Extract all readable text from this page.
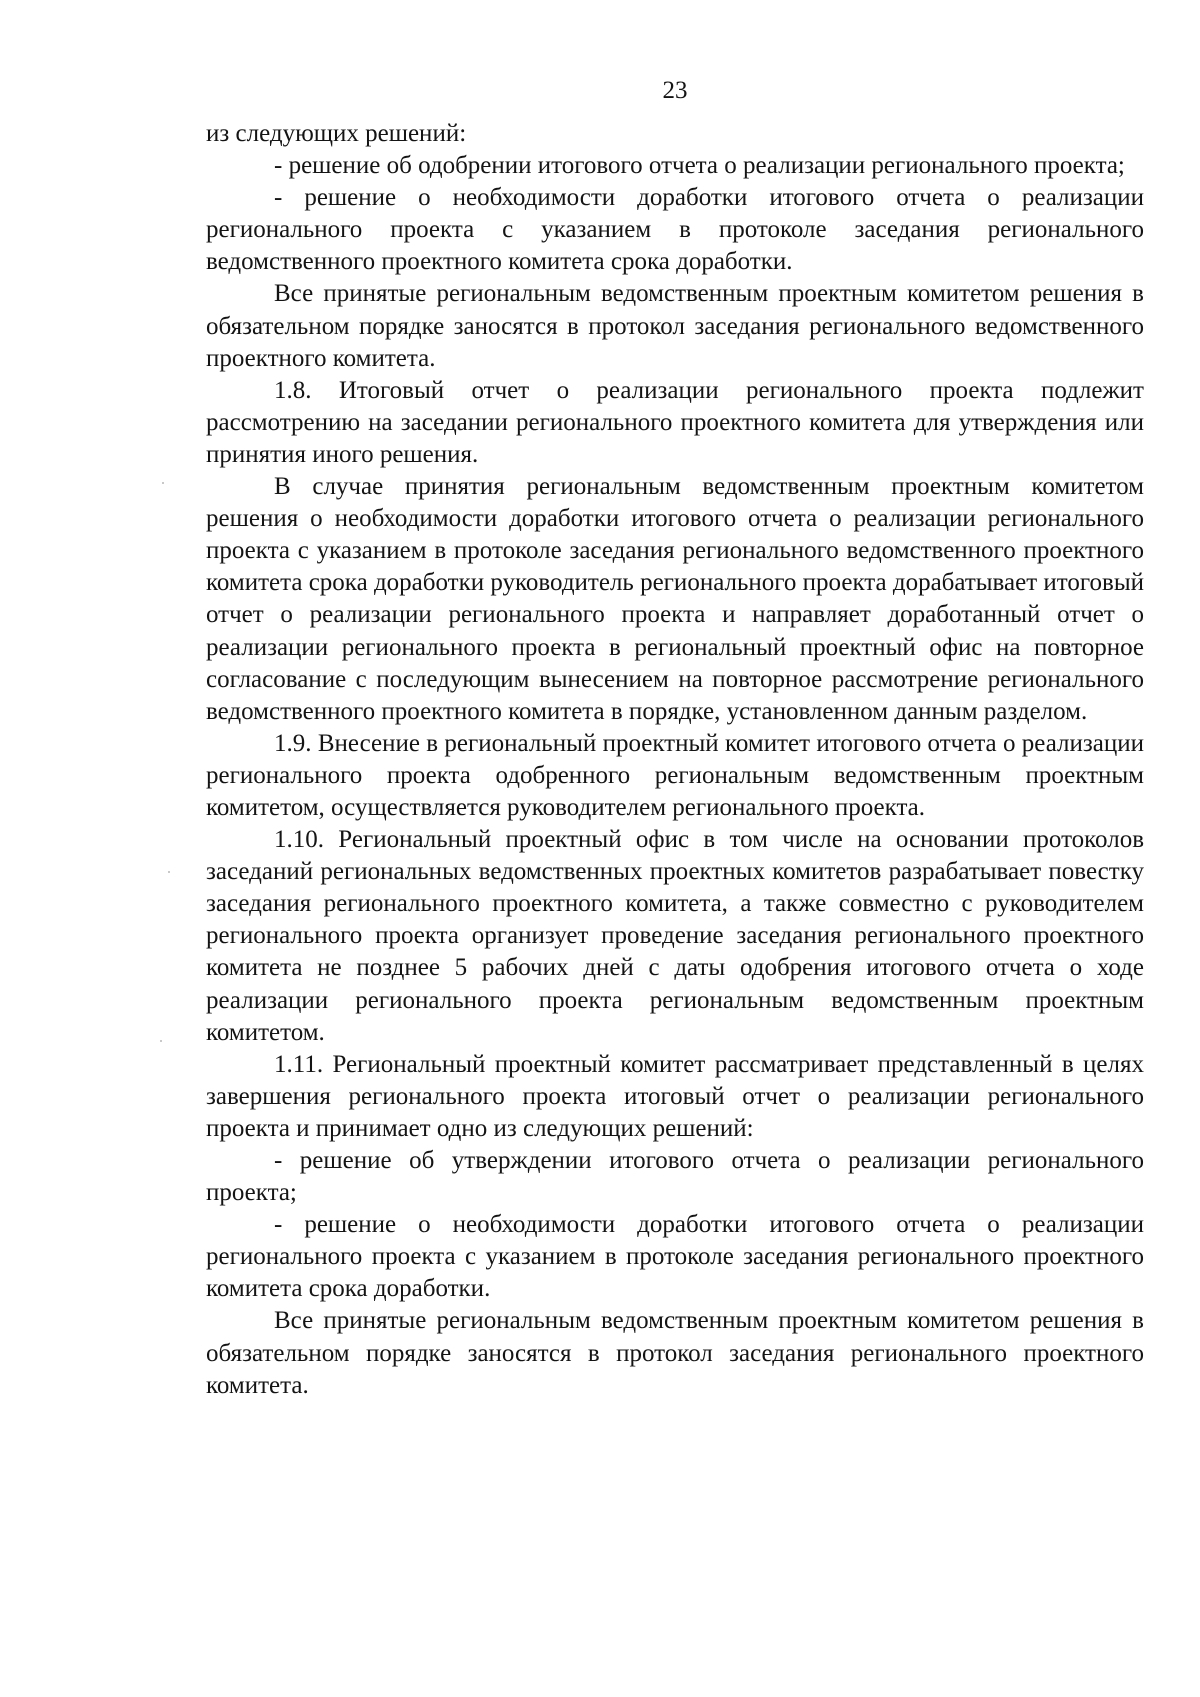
23

из следующих решений:

- решение об одобрении итогового отчета о реализации регионального проекта;

- решение о необходимости доработки итогового отчета о реализации регионального проекта с указанием в протоколе заседания регионального ведомственного проектного комитета срока доработки.

Все принятые региональным ведомственным проектным комитетом решения в обязательном порядке заносятся в протокол заседания регионального ведомственного проектного комитета.

1.8. Итоговый отчет о реализации регионального проекта подлежит рассмотрению на заседании регионального проектного комитета для утверждения или принятия иного решения.

В случае принятия региональным ведомственным проектным комитетом решения о необходимости доработки итогового отчета о реализации регионального проекта с указанием в протоколе заседания регионального ведомственного проектного комитета срока доработки руководитель регионального проекта дорабатывает итоговый отчет о реализации регионального проекта и направляет доработанный отчет о реализации регионального проекта в региональный проектный офис на повторное согласование с последующим вынесением на повторное рассмотрение регионального ведомственного проектного комитета в порядке, установленном данным разделом.

1.9. Внесение в региональный проектный комитет итогового отчета о реализации регионального проекта одобренного региональным ведомственным проектным комитетом, осуществляется руководителем регионального проекта.

1.10. Региональный проектный офис в том числе на основании протоколов заседаний региональных ведомственных проектных комитетов разрабатывает повестку заседания регионального проектного комитета, а также совместно с руководителем регионального проекта организует проведение заседания регионального проектного комитета не позднее 5 рабочих дней с даты одобрения итогового отчета о ходе реализации регионального проекта региональным ведомственным проектным комитетом.

1.11. Региональный проектный комитет рассматривает представленный в целях завершения регионального проекта итоговый отчет о реализации регионального проекта и принимает одно из следующих решений:

- решение об утверждении итогового отчета о реализации регионального проекта;

- решение о необходимости доработки итогового отчета о реализации регионального проекта с указанием в протоколе заседания регионального проектного комитета срока доработки.

Все принятые региональным ведомственным проектным комитетом решения в обязательном порядке заносятся в протокол заседания регионального проектного комитета.
